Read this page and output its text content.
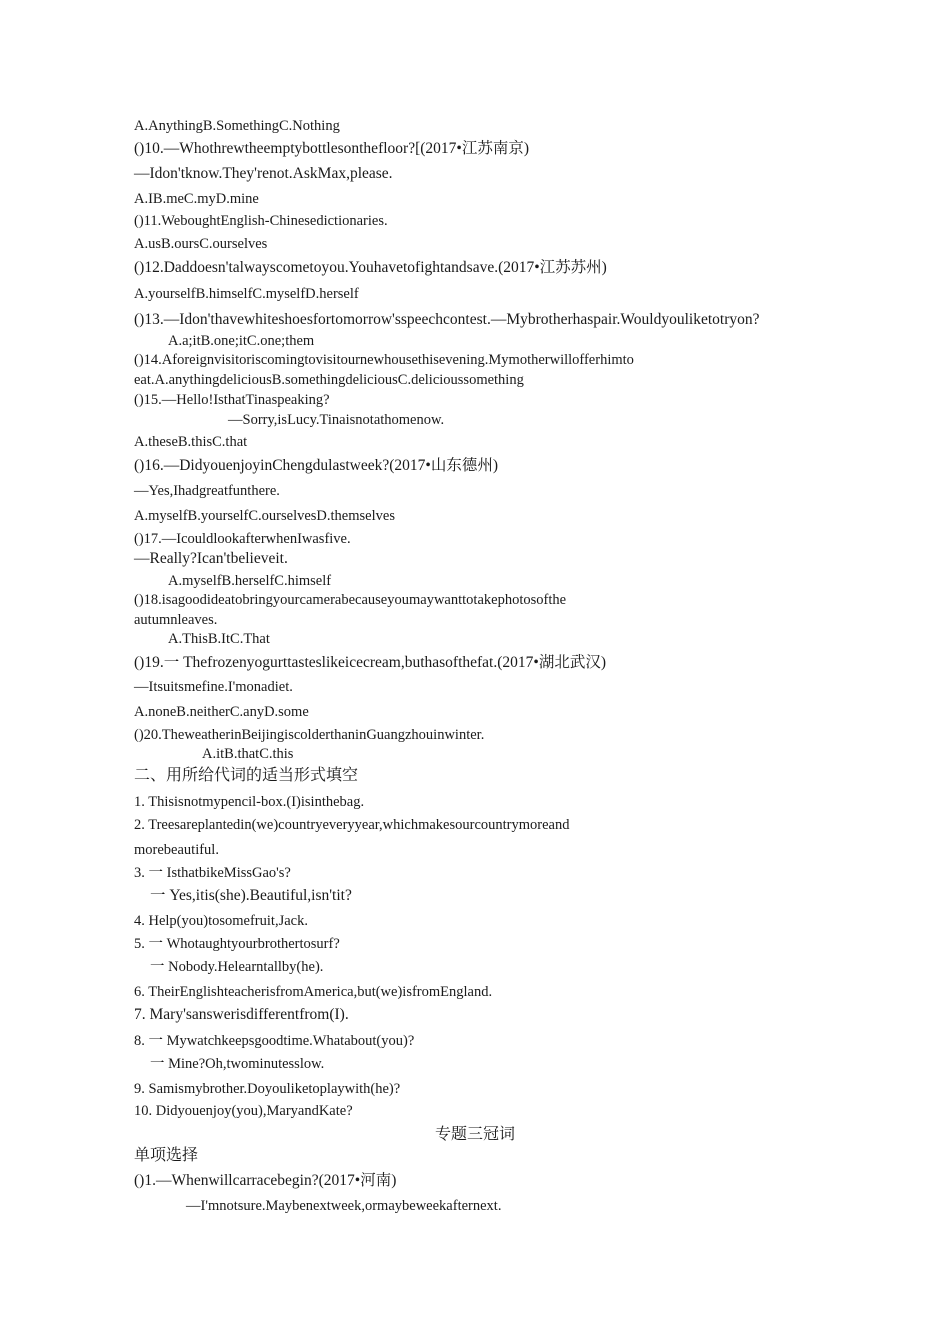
A.AnythingB.SomethingC.Nothing
()10.—Whothrewtheemptybottlesonthefloor?[(2017•江苏南京)
—Idon'tknow.They'renot.AskMax,please.
A.IB.meC.myD.mine
()11.WeboughtEnglish-Chinesedictionaries.
A.usB.oursC.ourselves
()12.Daddoesn'talwayscometoyou.Youhavetofightandsave.(2017•江苏苏州)
A.yourselfB.himselfC.myselfD.herself
()13.—Idon'thavewhiteshoesfortomorrow'sspeechcontest.—Mybrotherhaspair.Wouldyouliketotryon?
A.a;itB.one;itC.one;them
()14.Aforeignvisitoriscomingtovisitournewhousethisevening.Mymotherwillofferhimto
eat.A.anythingdeliciousB.somethingdeliciousC.delicioussomething
()15.—Hello!IsthatTinaspeaking?
—Sorry,isLucy.Tinaisnotathomenow.
A.theseB.thisC.that
()16.—DidyouenjoyinChengdulastweek?(2017•山东德州)
—Yes,Ihadgreatfunthere.
A.myselfB.yourselfC.ourselvesD.themselves
()17.—IcouldlookafterwhenIwasfive.
—Really?Ican'tbelieveit.
A.myselfB.herselfC.himself
()18.isagoodideatobringyourcamerabecauseyoumaywanttotakephotosofthe
autumnleaves.
A.ThisB.ItC.That
()19.一 Thefrozenyogurttasteslikeicecream,buthasofthefat.(2017•湖北武汉)
—Itsuitsmefine.I'monadiet.
A.noneB.neitherC.anyD.some
()20.TheweatherinBeijingiscolderthaninGuangzhouinwinter.
A.itB.thatC.this
二、用所给代词的适当形式填空
1. Thisisnotmypencil-box.(I)isinthebag.
2. Treesareplantedin(we)countryeveryyear,whichmakesourcountrymoreand
morebeautiful.
3. 一 IsthatbikeMissGao's?
一 Yes,itis(she).Beautiful,isn'tit?
4. Help(you)tosomefruit,Jack.
5. 一 Whotaughtyourbrothertosurf?
一 Nobody.Helearntallby(he).
6. TheirEnglishteacherisfromAmerica,but(we)isfromEngland.
7. Mary'sanswerisdifferentfrom(I).
8. 一 Mywatchkeepsgoodtime.Whatabout(you)?
一 Mine?Oh,twominutesslow.
9. Samismybrother.Doyouliketoplaywith(he)?
10. Didyouenjoy(you),MaryandKate?
专题三冠词
单项选择
()1.—Whenwillcarracebegin?(2017•河南)
—I'mnotsure.Maybenextweek,ormaybeweekafternext.
